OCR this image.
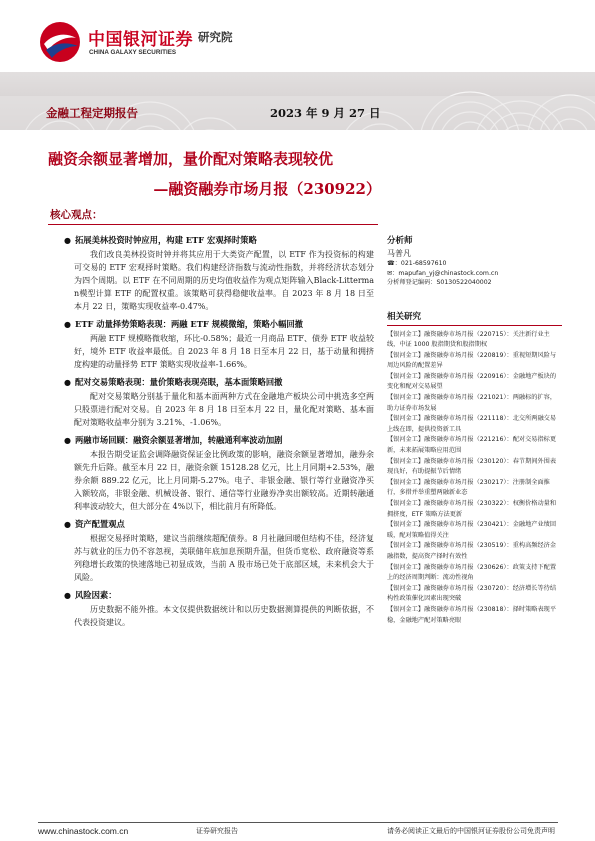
中国银河证券
CHINA GALAXY SECURITIES
研究院
金融工程定期报告	2023 年 9 月 27 日
融资余额显著增加，量价配对策略表现较优
—融资融券市场月报（230922）
核心观点：
● 拓展美林投资时钟应用，构建 ETF 宏观择时策略

我们改良美林投资时钟并将其应用于大类资产配置，以 ETF 作为投资标的构建可交易的 ETF 宏观择时策略。我们构建经济指数与流动性指数，并将经济状态划分为四个周期。以 ETF 在不同周期的历史均值收益作为观点矩阵输入Black-Litterman模型计算 ETF 的配置权重。该策略可获得稳健收益率。自 2023 年 8 月 18 日至本月 22 日，策略实现收益率-0.47%。

● ETF 动量择势策略表现：两融 ETF 规模微缩，策略小幅回撤

两融 ETF 规模略微收缩，环比-0.58%；最近一月商品 ETF、债券 ETF 收益较好，境外 ETF 收益率最低。自 2023 年 8 月 18 日至本月 22 日，基于动量和拥挤度构建的动量择势 ETF 策略实现收益率-1.66%。

● 配对交易策略表现：量价策略表现亮眼，基本面策略回撤

配对交易策略分别基于量化和基本面两种方式在金融地产板块公司中挑选多空两只股票进行配对交易。自 2023 年 8 月 18 日至本月 22 日，量化配对策略、基本面配对策略收益率分别为 3.21%、-1.06%。

● 两融市场回顾：融资余额显著增加，转融通利率波动加剧

本报告期受证监会调降融资保证金比例政策的影响，融资余额显著增加，融券余额先升后降。截至本月 22 日，融资余额 15128.28 亿元，比上月同期+2.53%，融券余额 889.22 亿元，比上月同期-5.27%。电子、非银金融、银行等行业融资净买入额较高，非银金融、机械设备、银行、通信等行业融券净卖出额较高。近期转融通利率波动较大，但大部分在 4%以下，相比前月有所降低。

● 资产配置观点

根据交易择时策略，建议当前继续超配债券。8 月社融回暖但结构不佳，经济复苏与就业的压力仍不容忽视，美联储年底加息预期升温，但货币宽松、政府融资等系列稳增长政策的快速落地已初显成效，当前 A 股市场已处于底部区域，未来机会大于风险。

● 风险因素：

历史数据不能外推。本文仅提供数据统计和以历史数据测算提供的判断依据，不代表投资建议。

分析师
马普凡
☎：021-68597610
✉：mapufan_yj@chinastock.com.cn
分析师登记编码：S0130522040002
相关研究
【银河金工】融资融券市场月报（220715）：关注新行业主线，中证 1000 股指期货和股指期权
【银河金工】融资融券市场月报（220819）：重视短期风险与周边风险的配置差异
【银河金工】融资融券市场月报（220916）：金融地产板块的变化和配对交易展望
【银河金工】融资融券市场月报（221021）：两融标的扩容，助力证券市场发展
【银河金工】融资融券市场月报（221118）：北交所两融交易上线在即，提供投资新工具
【银河金工】融资融券市场月报（221216）：配对交易指标更新，未来拓展策略应用范围
【银河金工】融资融券市场月报（230120）：春节期间外围表现良好，有助提振节后情绪
【银河金工】融资融券市场月报（230217）：注册制全面推行，多措并举重塑两融新业态
【银河金工】融资融券市场月报（230322）：权衡价格动量和拥挤度，ETF 策略方法更新
【银河金工】融资融券市场月报（230421）：金融地产业绩回暖，配对策略值得关注
【银河金工】融资融券市场月报（230519）：重构高频经济金融指数，提高资产择时有效性
【银河金工】融资融券市场月报（230626）：政策支持下配置上的经济周期判断：流动性视角
【银河金工】融资融券市场月报（230720）：经济增长等待结构性政策催化因素出现突破
【银河金工】融资融券市场月报（230818）：择时策略表现平稳，金融地产配对策略亮眼
www.chinastock.com.cn	证券研究报告	请务必阅读正文最后的中国银河证券股份公司免责声明
